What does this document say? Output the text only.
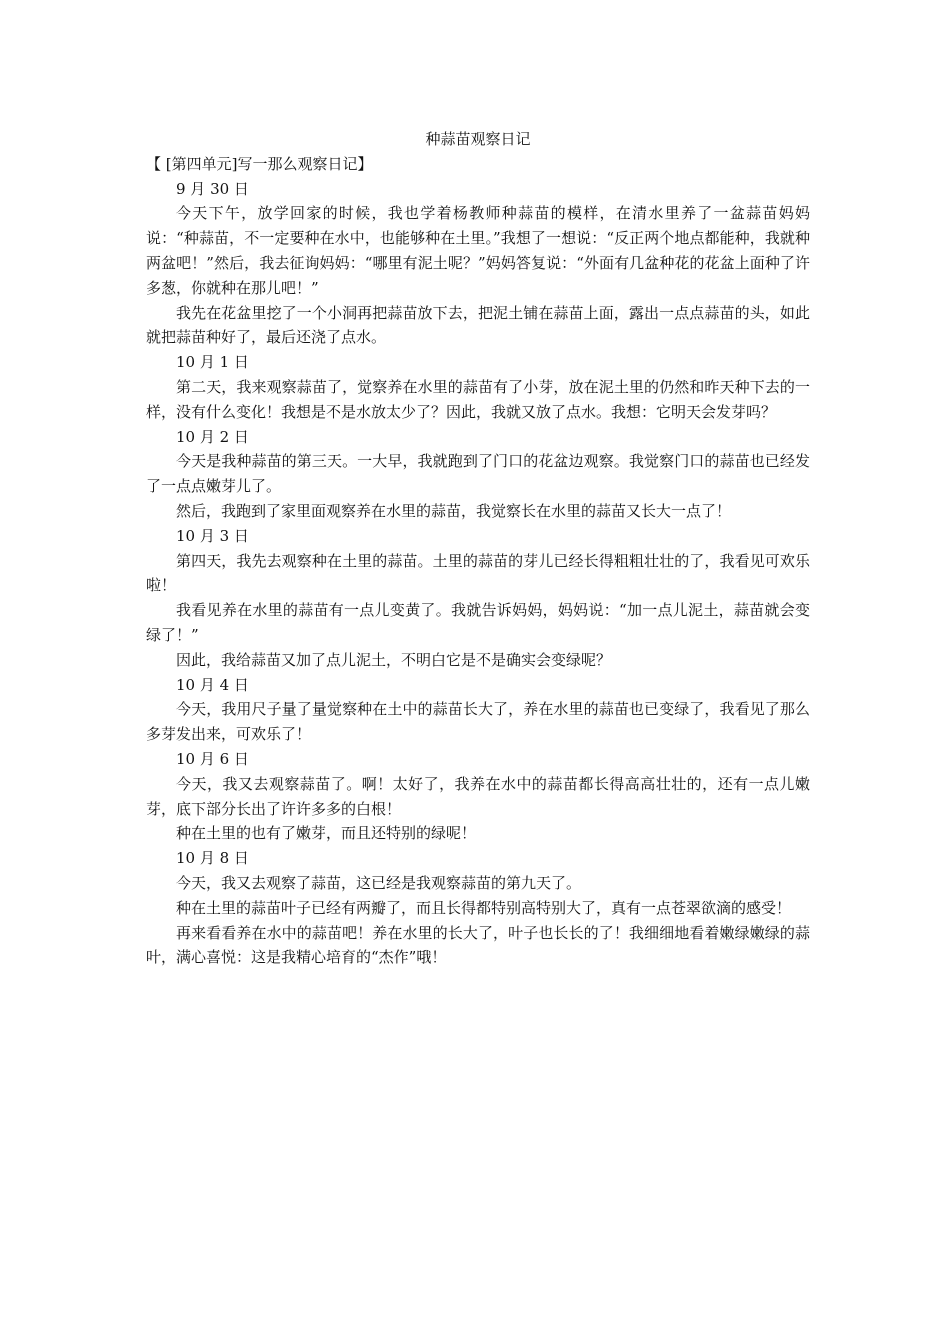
种蒜苗观察日记

【 [第四单元]写一那么观察日记】

9 月 30 日

今天下午，放学回家的时候，我也学着杨教师种蒜苗的模样，在清水里养了一盆蒜苗妈妈说：“种蒜苗，不一定要种在水中，也能够种在土里。”我想了一想说：“反正两个地点都能种，我就种两盆吧！”然后，我去征询妈妈：“哪里有泥土呢？”妈妈答复说：“外面有几盆种花的花盆上面种了许多葱，你就种在那儿吧！”

我先在花盆里挖了一个小洞再把蒜苗放下去，把泥土铺在蒜苗上面，露出一点点蒜苗的头，如此就把蒜苗种好了，最后还浇了点水。

10 月 1 日

第二天，我来观察蒜苗了，觉察养在水里的蒜苗有了小芽，放在泥土里的仍然和昨天种下去的一样，没有什么变化！我想是不是水放太少了？因此，我就又放了点水。我想：它明天会发芽吗？

10 月 2 日

今天是我种蒜苗的第三天。一大早，我就跑到了门口的花盆边观察。我觉察门口的蒜苗也已经发了一点点嫩芽儿了。

然后，我跑到了家里面观察养在水里的蒜苗，我觉察长在水里的蒜苗又长大一点了！

10 月 3 日

第四天，我先去观察种在土里的蒜苗。土里的蒜苗的芽儿已经长得粗粗壮壮的了，我看见可欢乐啦！

我看见养在水里的蒜苗有一点儿变黄了。我就告诉妈妈，妈妈说：“加一点儿泥土，蒜苗就会变绿了！”

因此，我给蒜苗又加了点儿泥土，不明白它是不是确实会变绿呢？

10 月 4 日

今天，我用尺子量了量觉察种在土中的蒜苗长大了，养在水里的蒜苗也已变绿了，我看见了那么多芽发出来，可欢乐了！

10 月 6 日

今天，我又去观察蒜苗了。啊！太好了，我养在水中的蒜苗都长得高高壮壮的，还有一点儿嫩芽，底下部分长出了许许多多的白根！

种在土里的也有了嫩芽，而且还特别的绿呢！

10 月 8 日

今天，我又去观察了蒜苗，这已经是我观察蒜苗的第九天了。

种在土里的蒜苗叶子已经有两瓣了，而且长得都特别高特别大了，真有一点苍翠欲滴的感受！

再来看看养在水中的蒜苗吧！养在水里的长大了，叶子也长长的了！我细细地看着嫩绿嫩绿的蒜叶，满心喜悦：这是我精心培育的“杰作”哦！
